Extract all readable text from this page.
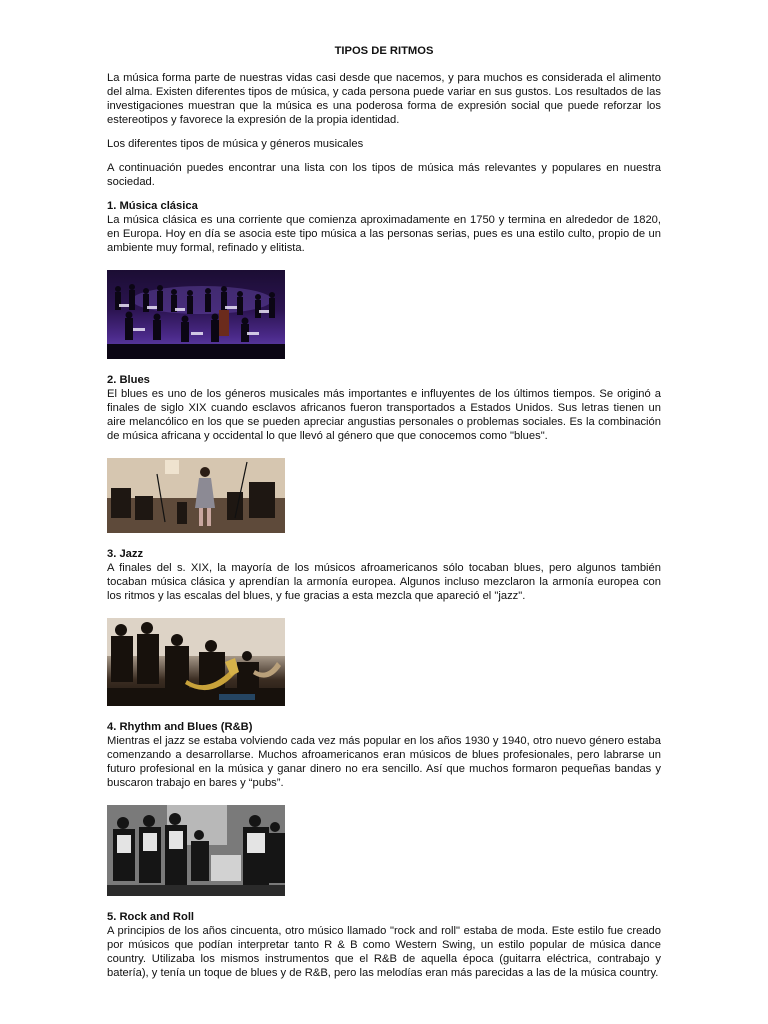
TIPOS DE RITMOS

La música forma parte de nuestras vidas casi desde que nacemos, y para muchos es considerada el alimento del alma. Existen diferentes tipos de música, y cada persona puede variar en sus gustos. Los resultados de las investigaciones muestran que la música es una poderosa forma de expresión social que puede reforzar los estereotipos y favorece la expresión de la propia identidad.

Los diferentes tipos de música y géneros musicales

A continuación puedes encontrar una lista con los tipos de música más relevantes y populares en nuestra sociedad.

1. Música clásica

La música clásica es una corriente que comienza aproximadamente en 1750 y termina en alrededor de 1820, en Europa. Hoy en día se asocia este tipo música a las personas serias, pues es una estilo culto, propio de un ambiente muy formal, refinado y elitista.

2. Blues

El blues es uno de los géneros musicales más importantes e influyentes de los últimos tiempos. Se originó a finales de siglo XIX cuando esclavos africanos fueron transportados a Estados Unidos. Sus letras tienen un aire melancólico en los que se pueden apreciar angustias personales o problemas sociales. Es la combinación de música africana y occidental lo que llevó al género que que conocemos como "blues".

3. Jazz

A finales del s. XIX, la mayoría de los músicos afroamericanos sólo tocaban blues, pero algunos también tocaban música clásica y aprendían la armonía europea. Algunos incluso mezclaron la armonía europea con los ritmos y las escalas del blues, y fue gracias a esta mezcla que apareció el "jazz".

4. Rhythm and Blues (R&B)

Mientras el jazz se estaba volviendo cada vez más popular en los años 1930 y 1940, otro nuevo género estaba comenzando a desarrollarse. Muchos afroamericanos eran músicos de blues profesionales, pero labrarse un futuro profesional en la música y ganar dinero no era sencillo. Así que muchos formaron pequeñas bandas y buscaron trabajo en bares y “pubs”.

5. Rock and Roll

A principios de los años cincuenta, otro músico llamado "rock and roll" estaba de moda. Este estilo fue creado por músicos que podían interpretar tanto R & B como Western Swing, un estilo popular de música dance country. Utilizaba los mismos instrumentos que el R&B de aquella época (guitarra eléctrica, contrabajo y batería), y tenía un toque de blues y de R&B, pero las melodías eran más parecidas a las de la música country.
